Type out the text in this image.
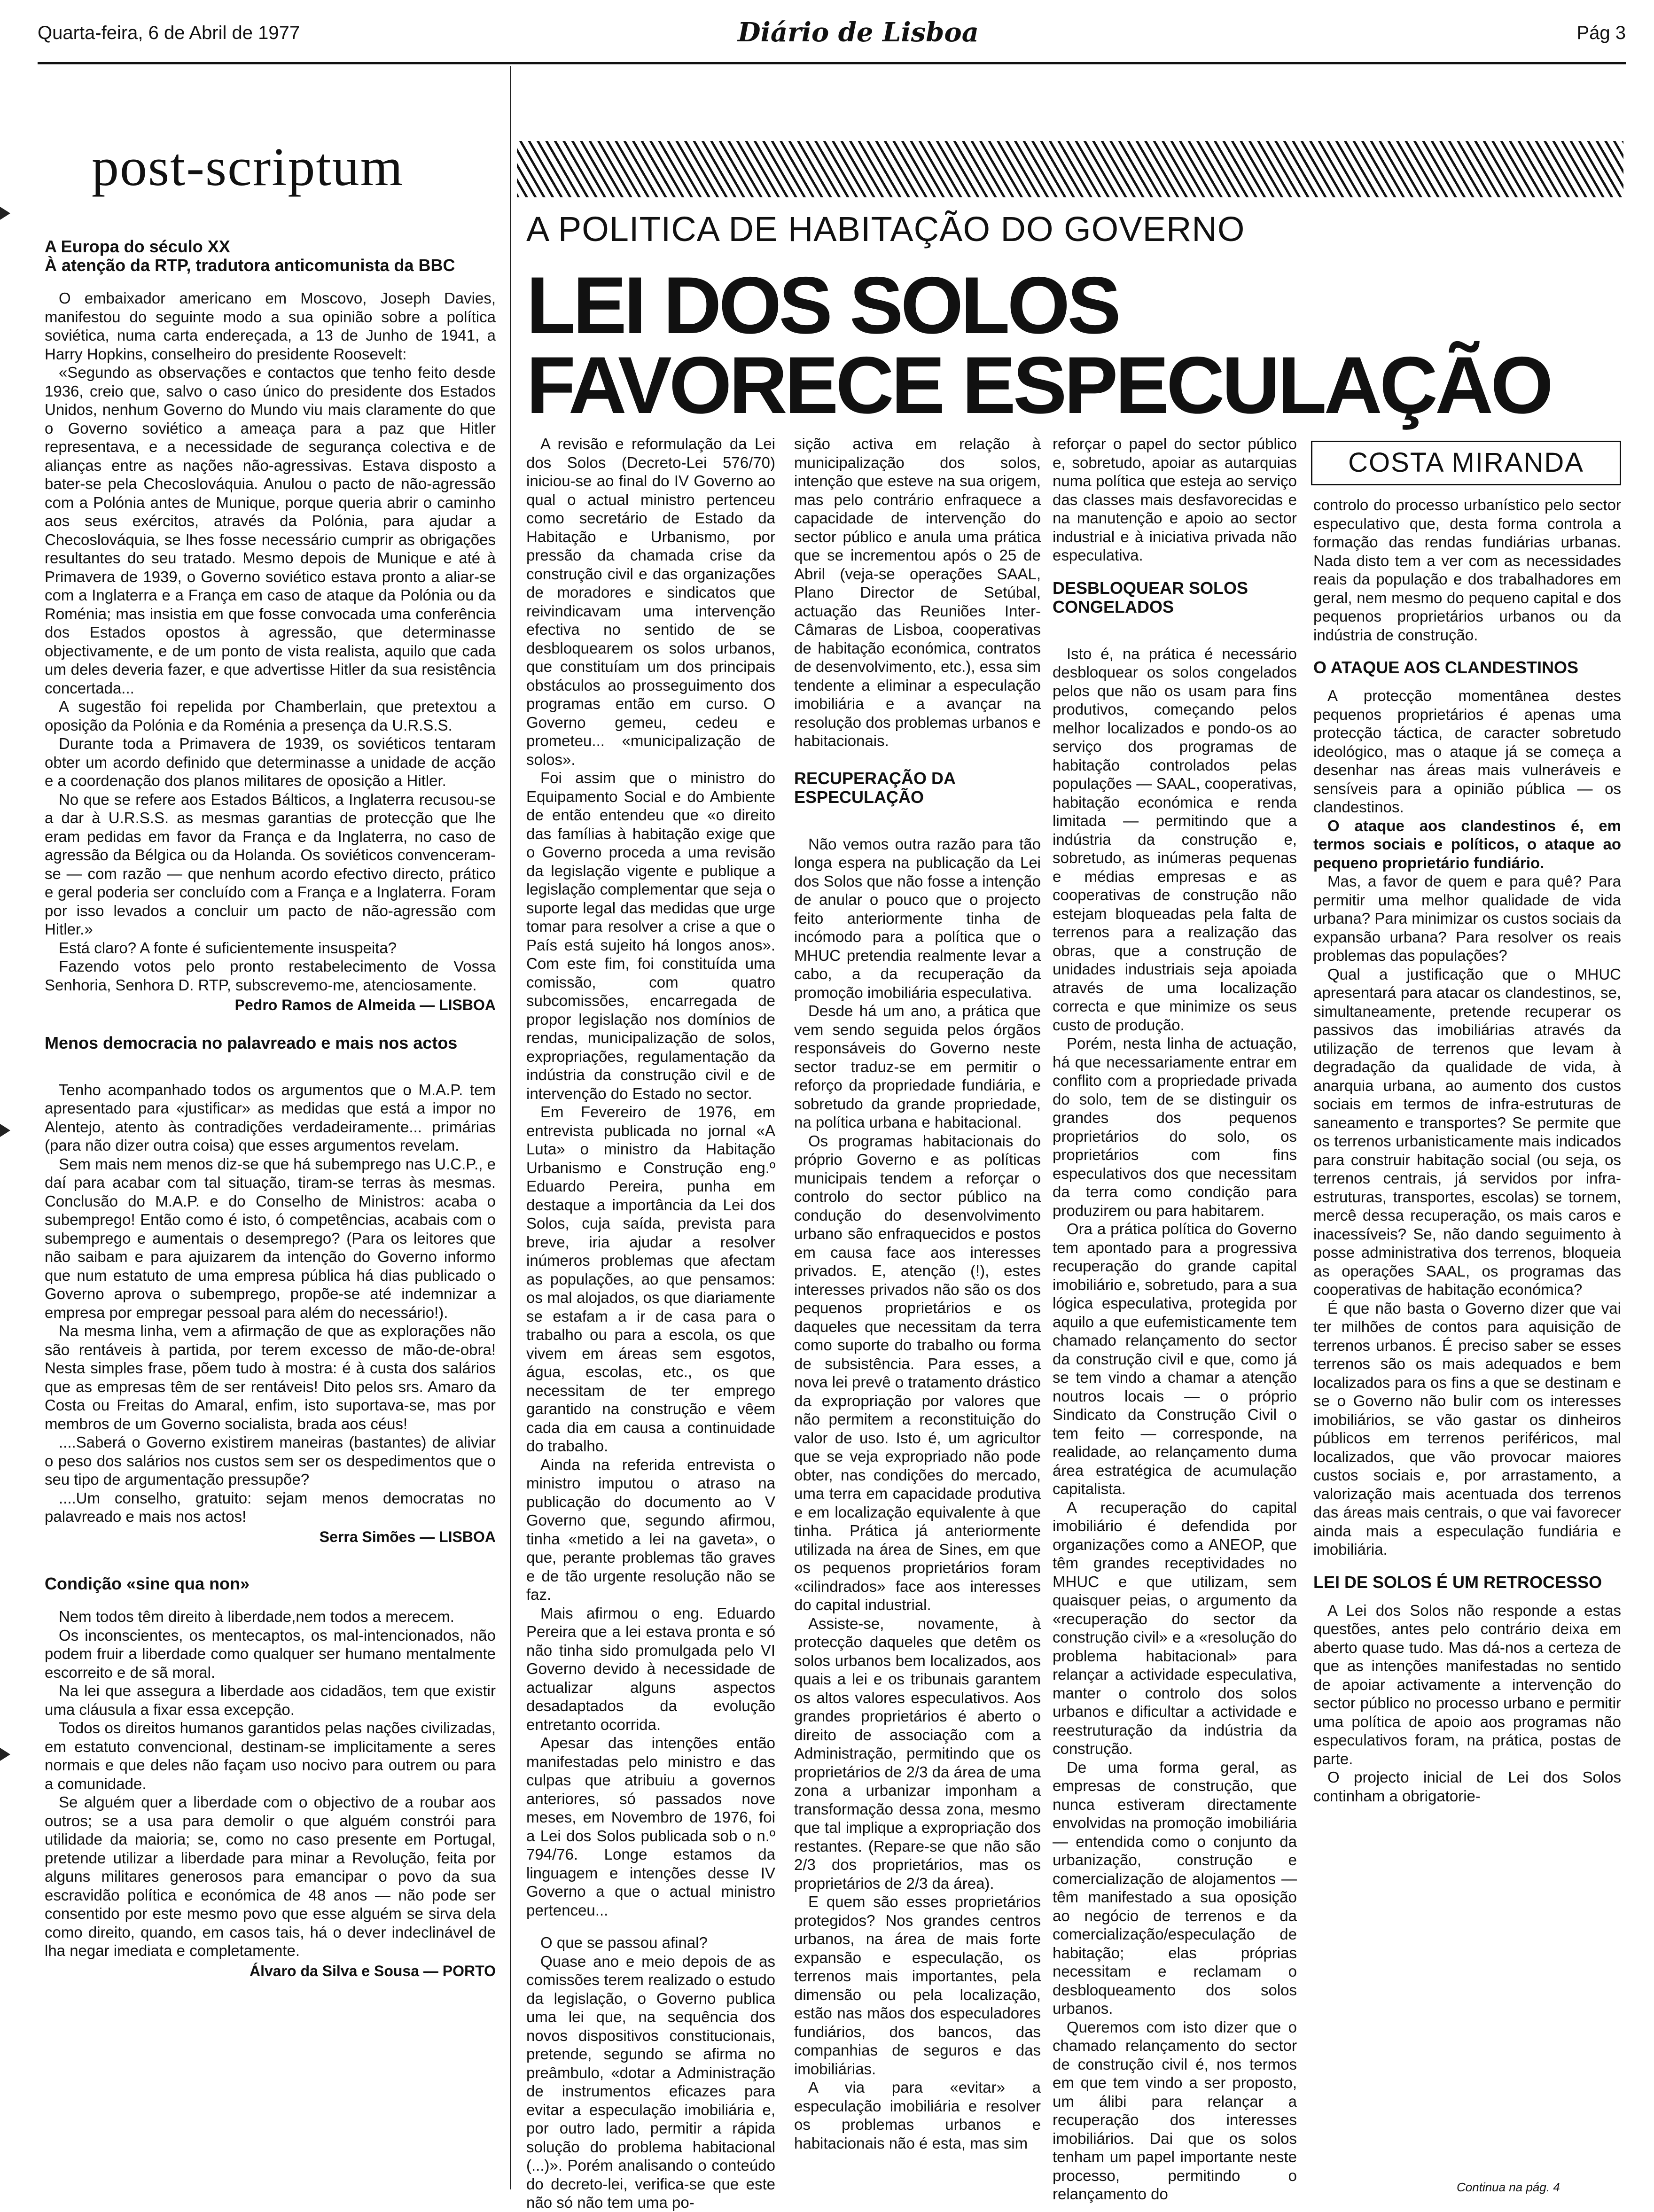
Quarta-feira, 6 de Abril de 1977	Diário de Lisboa	Pág 3
post-scriptum
A Europa do século XX
À atenção da RTP, tradutora anticomunista da BBC

O embaixador americano em Moscovo, Joseph Davies, manifestou do seguinte modo a sua opinião sobre a política soviética, numa carta endereçada, a 13 de Junho de 1941, a Harry Hopkins, conselheiro do presidente Roosevelt:

«Segundo as observações e contactos que tenho feito desde 1936, creio que, salvo o caso único do presidente dos Estados Unidos, nenhum Governo do Mundo viu mais claramente do que o Governo soviético a ameaça para a paz que Hitler representava, e a necessidade de segurança colectiva e de alianças entre as nações não-agressivas. Estava disposto a bater-se pela Checoslováquia. Anulou o pacto de não-agressão com a Polónia antes de Munique, porque queria abrir o caminho aos seus exércitos, através da Polónia, para ajudar a Checoslováquia, se lhes fosse necessário cumprir as obrigações resultantes do seu tratado. Mesmo depois de Munique e até à Primavera de 1939, o Governo soviético estava pronto a aliar-se com a Inglaterra e a França em caso de ataque da Polónia ou da Roménia; mas insistia em que fosse convocada uma conferência dos Estados opostos à agressão, que determinasse objectivamente, e de um ponto de vista realista, aquilo que cada um deles deveria fazer, e que advertisse Hitler da sua resistência concertada...

A sugestão foi repelida por Chamberlain, que pretextou a oposição da Polónia e da Roménia a presença da U.R.S.S.

Durante toda a Primavera de 1939, os soviéticos tentaram obter um acordo definido que determinasse a unidade de acção e a coordenação dos planos militares de oposição a Hitler.

No que se refere aos Estados Bálticos, a Inglaterra recusou-se a dar à U.R.S.S. as mesmas garantias de protecção que lhe eram pedidas em favor da França e da Inglaterra, no caso de agressão da Bélgica ou da Holanda. Os soviéticos convenceram-se — com razão — que nenhum acordo efectivo directo, prático e geral poderia ser concluído com a França e a Inglaterra. Foram por isso levados a concluir um pacto de não-agressão com Hitler.»

Está claro? A fonte é suficientemente insuspeita?

Fazendo votos pelo pronto restabelecimento de Vossa Senhoria, Senhora D. RTP, subscrevemo-me, atenciosamente.

Pedro Ramos de Almeida — LISBOA
Menos democracia no palavreado e mais nos actos

Tenho acompanhado todos os argumentos que o M.A.P. tem apresentado para «justificar» as medidas que está a impor no Alentejo, atento às contradições verdadeiramente... primárias (para não dizer outra coisa) que esses argumentos revelam.

Sem mais nem menos diz-se que há subemprego nas U.C.P., e daí para acabar com tal situação, tiram-se terras às mesmas. Conclusão do M.A.P. e do Conselho de Ministros: acaba o subemprego! Então como é isto, ó competências, acabais com o subemprego e aumentais o desemprego? (Para os leitores que não saibam e para ajuizarem da intenção do Governo informo que num estatuto de uma empresa pública há dias publicado o Governo aprova o subemprego, propõe-se até indemnizar a empresa por empregar pessoal para além do necessário!).

Na mesma linha, vem a afirmação de que as explorações não são rentáveis à partida, por terem excesso de mão-de-obra! Nesta simples frase, põem tudo à mostra: é à custa dos salários que as empresas têm de ser rentáveis! Dito pelos srs. Amaro da Costa ou Freitas do Amaral, enfim, isto suportava-se, mas por membros de um Governo socialista, brada aos céus!

....Saberá o Governo existirem maneiras (bastantes) de aliviar o peso dos salários nos custos sem ser os despedimentos que o seu tipo de argumentação pressupõe?

....Um conselho, gratuito: sejam menos democratas no palavreado e mais nos actos!

Serra Simões — LISBOA
Condição «sine qua non»

Nem todos têm direito à liberdade,nem todos a merecem.

Os inconscientes, os mentecaptos, os mal-intencionados, não podem fruir a liberdade como qualquer ser humano mentalmente escorreito e de sã moral.

Na lei que assegura a liberdade aos cidadãos, tem que existir uma cláusula a fixar essa excepção.

Todos os direitos humanos garantidos pelas nações civilizadas, em estatuto convencional, destinam-se implicitamente a seres normais e que deles não façam uso nocivo para outrem ou para a comunidade.

Se alguém quer a liberdade com o objectivo de a roubar aos outros; se a usa para demolir o que alguém constrói para utilidade da maioria; se, como no caso presente em Portugal, pretende utilizar a liberdade para minar a Revolução, feita por alguns militares generosos para emancipar o povo da sua escravidão política e económica de 48 anos — não pode ser consentido por este mesmo povo que esse alguém se sirva dela como direito, quando, em casos tais, há o dever indeclinável de lha negar imediata e completamente.

Álvaro da Silva e Sousa — PORTO
A POLITICA DE HABITAÇÃO DO GOVERNO
LEI DOS SOLOS
FAVORECE ESPECULAÇÃO
COSTA MIRANDA

A revisão e reformulação da Lei dos Solos (Decreto-Lei 576/70) iniciou-se ao final do IV Governo ao qual o actual ministro pertenceu como secretário de Estado da Habitação e Urbanismo, por pressão da chamada crise da construção civil e das organizações de moradores e sindicatos que reivindicavam uma intervenção efectiva no sentido de se desbloquearem os solos urbanos, que constituíam um dos principais obstáculos ao prosseguimento dos programas então em curso. O Governo gemeu, cedeu e prometeu... «municipalização de solos».

Foi assim que o ministro do Equipamento Social e do Ambiente de então entendeu que «o direito das famílias à habitação exige que o Governo proceda a uma revisão da legislação vigente e publique a legislação complementar que seja o suporte legal das medidas que urge tomar para resolver a crise a que o País está sujeito há longos anos». Com este fim, foi constituída uma comissão, com quatro subcomissões, encarregada de propor legislação nos domínios de rendas, municipalização de solos, expropriações, regulamentação da indústria da construção civil e de intervenção do Estado no sector.

Em Fevereiro de 1976, em entrevista publicada no jornal «A Luta» o ministro da Habitação Urbanismo e Construção eng.º Eduardo Pereira, punha em destaque a importância da Lei dos Solos, cuja saída, prevista para breve, iria ajudar a resolver inúmeros problemas que afectam as populações, ao que pensamos: os mal alojados, os que diariamente se estafam a ir de casa para o trabalho ou para a escola, os que vivem em áreas sem esgotos, água, escolas, etc., os que necessitam de ter emprego garantido na construção e vêem cada dia em causa a continuidade do trabalho.

Ainda na referida entrevista o ministro imputou o atraso na publicação do documento ao V Governo que, segundo afirmou, tinha «metido a lei na gaveta», o que, perante problemas tão graves e de tão urgente resolução não se faz.

Mais afirmou o eng. Eduardo Pereira que a lei estava pronta e só não tinha sido promulgada pelo VI Governo devido à necessidade de actualizar alguns aspectos desadaptados da evolução entretanto ocorrida.

Apesar das intenções então manifestadas pelo ministro e das culpas que atribuiu a governos anteriores, só passados nove meses, em Novembro de 1976, foi a Lei dos Solos publicada sob o n.º 794/76. Longe estamos da linguagem e intenções desse IV Governo a que o actual ministro pertenceu...

O que se passou afinal?

Quase ano e meio depois de as comissões terem realizado o estudo da legislação, o Governo publica uma lei que, na sequência dos novos dispositivos constitucionais, pretende, segundo se afirma no preâmbulo, «dotar a Administração de instrumentos eficazes para evitar a especulação imobiliária e, por outro lado, permitir a rápida solução do problema habitacional (...)». Porém analisando o conteúdo do decreto-lei, verifica-se que este não só não tem uma po-

sição activa em relação à municipalização dos solos, intenção que esteve na sua origem, mas pelo contrário enfraquece a capacidade de intervenção do sector público e anula uma prática que se incrementou após o 25 de Abril (veja-se operações SAAL, Plano Director de Setúbal, actuação das Reuniões Inter-Câmaras de Lisboa, cooperativas de habitação económica, contratos de desenvolvimento, etc.), essa sim tendente a eliminar a especulação imobiliária e a avançar na resolução dos problemas urbanos e habitacionais.

RECUPERAÇÃO DA ESPECULAÇÃO

Não vemos outra razão para tão longa espera na publicação da Lei dos Solos que não fosse a intenção de anular o pouco que o projecto feito anteriormente tinha de incómodo para a política que o MHUC pretendia realmente levar a cabo, a da recuperação da promoção imobiliária especulativa.

Desde há um ano, a prática que vem sendo seguida pelos órgãos responsáveis do Governo neste sector traduz-se em permitir o reforço da propriedade fundiária, e sobretudo da grande propriedade, na política urbana e habitacional.

Os programas habitacionais do próprio Governo e as políticas municipais tendem a reforçar o controlo do sector público na condução do desenvolvimento urbano são enfraquecidos e postos em causa face aos interesses privados. E, atenção (!), estes interesses privados não são os dos pequenos proprietários e os daqueles que necessitam da terra como suporte do trabalho ou forma de subsistência. Para esses, a nova lei prevê o tratamento drástico da expropriação por valores que não permitem a reconstituição do valor de uso. Isto é, um agricultor que se veja expropriado não pode obter, nas condições do mercado, uma terra em capacidade produtiva e em localização equivalente à que tinha. Prática já anteriormente utilizada na área de Sines, em que os pequenos proprietários foram «cilindrados» face aos interesses do capital industrial.

Assiste-se, novamente, à protecção daqueles que detêm os solos urbanos bem localizados, aos quais a lei e os tribunais garantem os altos valores especulativos. Aos grandes proprietários é aberto o direito de associação com a Administração, permitindo que os proprietários de 2/3 da área de uma zona a urbanizar imponham a transformação dessa zona, mesmo que tal implique a expropriação dos restantes. (Repare-se que não são 2/3 dos proprietários, mas os proprietários de 2/3 da área).

E quem são esses proprietários protegidos? Nos grandes centros urbanos, na área de mais forte expansão e especulação, os terrenos mais importantes, pela dimensão ou pela localização, estão nas mãos dos especuladores fundiários, dos bancos, das companhias de seguros e das imobiliárias.

A via para «evitar» a especulação imobiliária e resolver os problemas urbanos e habitacionais não é esta, mas sim

reforçar o papel do sector público e, sobretudo, apoiar as autarquias numa política que esteja ao serviço das classes mais desfavorecidas e na manutenção e apoio ao sector industrial e à iniciativa privada não especulativa.

DESBLOQUEAR SOLOS CONGELADOS

Isto é, na prática é necessário desbloquear os solos congelados pelos que não os usam para fins produtivos, começando pelos melhor localizados e pondo-os ao serviço dos programas de habitação controlados pelas populações — SAAL, cooperativas, habitação económica e renda limitada — permitindo que a indústria da construção e, sobretudo, as inúmeras pequenas e médias empresas e as cooperativas de construção não estejam bloqueadas pela falta de terrenos para a realização das obras, que a construção de unidades industriais seja apoiada através de uma localização correcta e que minimize os seus custo de produção.

Porém, nesta linha de actuação, há que necessariamente entrar em conflito com a propriedade privada do solo, tem de se distinguir os grandes dos pequenos proprietários do solo, os proprietários com fins especulativos dos que necessitam da terra como condição para produzirem ou para habitarem.

Ora a prática política do Governo tem apontado para a progressiva recuperação do grande capital imobiliário e, sobretudo, para a sua lógica especulativa, protegida por aquilo a que eufemisticamente tem chamado relançamento do sector da construção civil e que, como já se tem vindo a chamar a atenção noutros locais — o próprio Sindicato da Construção Civil o tem feito — corresponde, na realidade, ao relançamento duma área estratégica de acumulação capitalista.

A recuperação do capital imobiliário é defendida por organizações como a ANEOP, que têm grandes receptividades no MHUC e que utilizam, sem quaisquer peias, o argumento da «recuperação do sector da construção civil» e a «resolução do problema habitacional» para relançar a actividade especulativa, manter o controlo dos solos urbanos e dificultar a actividade e reestruturação da indústria da construção.

De uma forma geral, as empresas de construção, que nunca estiveram directamente envolvidas na promoção imobiliária — entendida como o conjunto da urbanização, construção e comercialização de alojamentos — têm manifestado a sua oposição ao negócio de terrenos e da comercialização/especulação de habitação; elas próprias necessitam e reclamam o desbloqueamento dos solos urbanos.

Queremos com isto dizer que o chamado relançamento do sector de construção civil é, nos termos em que tem vindo a ser proposto, um álibi para relançar a recuperação dos interesses imobiliários. Dai que os solos tenham um papel importante neste processo, permitindo o relançamento do

controlo do processo urbanístico pelo sector especulativo que, desta forma controla a formação das rendas fundiárias urbanas. Nada disto tem a ver com as necessidades reais da população e dos trabalhadores em geral, nem mesmo do pequeno capital e dos pequenos proprietários urbanos ou da indústria de construção.

O ATAQUE AOS CLANDESTINOS

A protecção momentânea destes pequenos proprietários é apenas uma protecção táctica, de caracter sobretudo ideológico, mas o ataque já se começa a desenhar nas áreas mais vulneráveis e sensíveis para a opinião pública — os clandestinos.

O ataque aos clandestinos é, em termos sociais e políticos, o ataque ao pequeno proprietário fundiário.

Mas, a favor de quem e para quê? Para permitir uma melhor qualidade de vida urbana? Para minimizar os custos sociais da expansão urbana? Para resolver os reais problemas das populações?

Qual a justificação que o MHUC apresentará para atacar os clandestinos, se, simultaneamente, pretende recuperar os passivos das imobiliárias através da utilização de terrenos que levam à degradação da qualidade de vida, à anarquia urbana, ao aumento dos custos sociais em termos de infra-estruturas de saneamento e transportes? Se permite que os terrenos urbanisticamente mais indicados para construir habitação social (ou seja, os terrenos centrais, já servidos por infra-estruturas, transportes, escolas) se tornem, mercê dessa recuperação, os mais caros e inacessíveis? Se, não dando seguimento à posse administrativa dos terrenos, bloqueia as operações SAAL, os programas das cooperativas de habitação económica?

É que não basta o Governo dizer que vai ter milhões de contos para aquisição de terrenos urbanos. É preciso saber se esses terrenos são os mais adequados e bem localizados para os fins a que se destinam e se o Governo não bulir com os interesses imobiliários, se vão gastar os dinheiros públicos em terrenos periféricos, mal localizados, que vão provocar maiores custos sociais e, por arrastamento, a valorização mais acentuada dos terrenos das áreas mais centrais, o que vai favorecer ainda mais a especulação fundiária e imobiliária.

LEI DE SOLOS É UM RETROCESSO

A Lei dos Solos não responde a estas questões, antes pelo contrário deixa em aberto quase tudo. Mas dá-nos a certeza de que as intenções manifestadas no sentido de apoiar activamente a intervenção do sector público no processo urbano e permitir uma política de apoio aos programas não especulativos foram, na prática, postas de parte.

O projecto inicial de Lei dos Solos continham a obrigatorie-

Continua na pág. 4
